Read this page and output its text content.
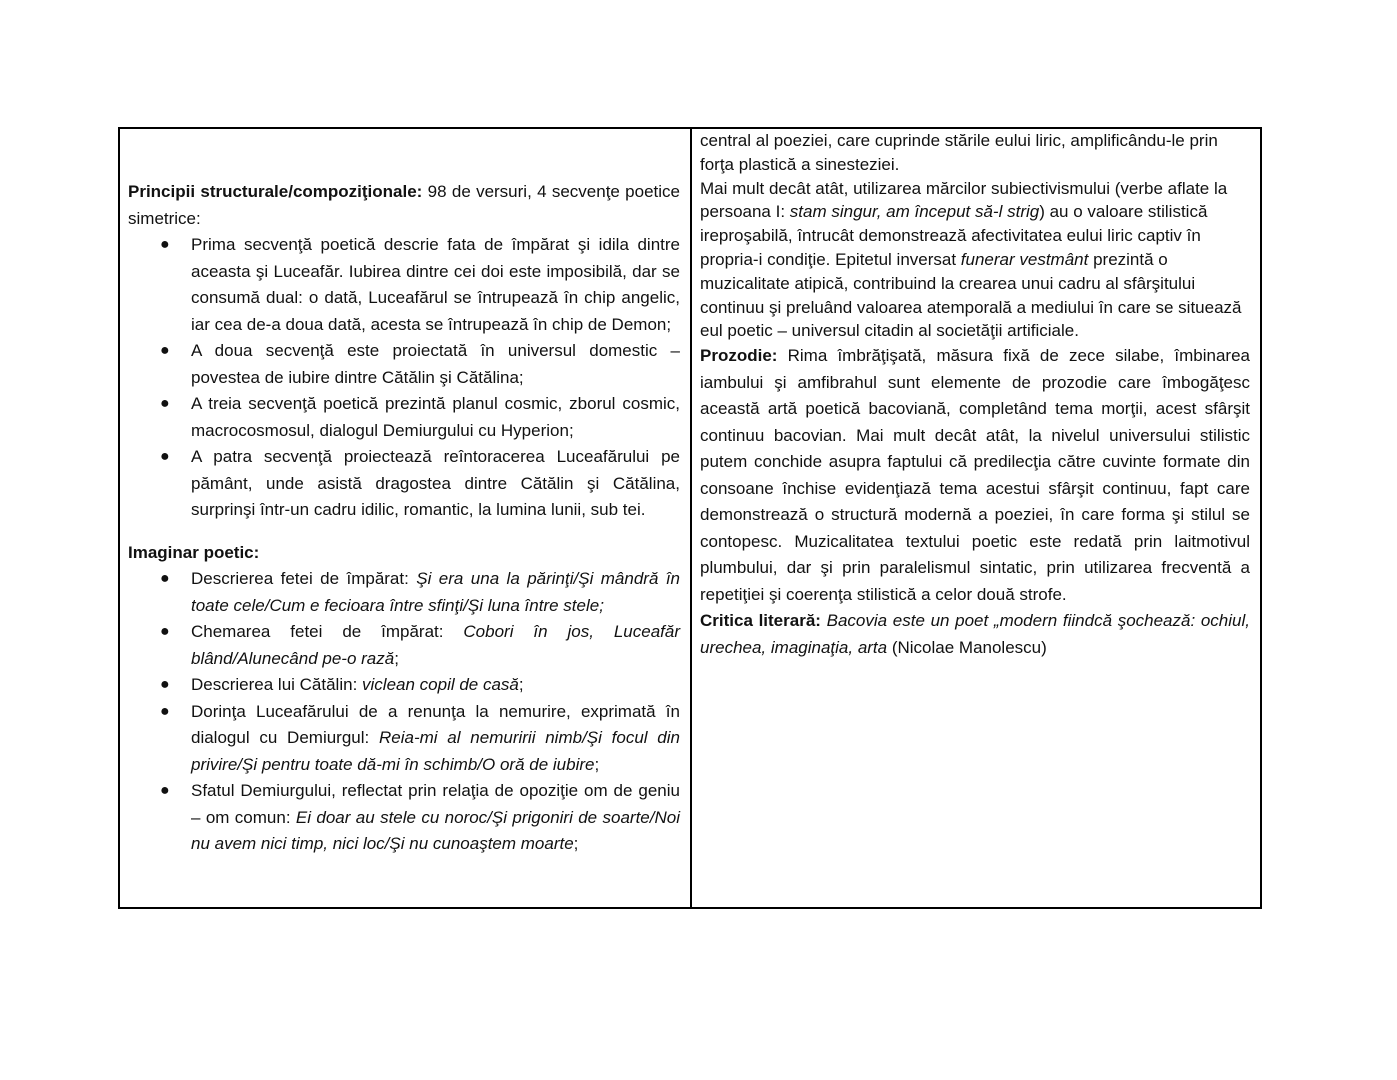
Principii structurale/compoziţionale: 98 de versuri, 4 secvenţe poetice simetrice:

● Prima secvenţă poetică descrie fata de împărat şi idila dintre aceasta şi Luceafăr. Iubirea dintre cei doi este imposibilă, dar se consumă dual: o dată, Luceafărul se întrupează în chip angelic, iar cea de-a doua dată, acesta se întrupează în chip de Demon;
● A doua secvenţă este proiectată în universul domestic – povestea de iubire dintre Cătălin şi Cătălina;
● A treia secvenţă poetică prezintă planul cosmic, zborul cosmic, macrocosmosul, dialogul Demiurgului cu Hyperion;
● A patra secvenţă proiectează reîntoracerea Luceafărului pe pământ, unde asistă dragostea dintre Cătălin şi Cătălina, surprinşi într-un cadru idilic, romantic, la lumina lunii, sub tei.

Imaginar poetic:

● Descrierea fetei de împărat: Şi era una la părinţi/Şi mândră în toate cele/Cum e fecioara între sfinţi/Şi luna între stele;
● Chemarea fetei de împărat: Cobori în jos, Luceafăr blând/Alunecând pe-o rază;
● Descrierea lui Cătălin: viclean copil de casă;
● Dorinţa Luceafărului de a renunţa la nemurire, exprimată în dialogul cu Demiurgul: Reia-mi al nemuririi nimb/Şi focul din privire/Şi pentru toate dă-mi în schimb/O oră de iubire;
● Sfatul Demiurgului, reflectat prin relaţia de opoziţie om de geniu – om comun: Ei doar au stele cu noroc/Şi prigoniri de soarte/Noi nu avem nici timp, nici loc/Şi nu cunoaştem moarte;

central al poeziei, care cuprinde stările eului liric, amplificându-le prin forţa plastică a sinesteziei.

Mai mult decât atât, utilizarea mărcilor subiectivismului (verbe aflate la persoana I: stam singur, am început să-l strig) au o valoare stilistică ireproşabilă, întrucât demonstrează afectivitatea eului liric captiv în propria-i condiţie. Epitetul inversat funerar vestmânt prezintă o muzicalitate atipică, contribuind la crearea unui cadru al sfârşitului continuu şi preluând valoarea atemporală a mediului în care se situează eul poetic – universul citadin al societăţii artificiale.

Prozodie: Rima îmbrăţişată, măsura fixă de zece silabe, îmbinarea iambului şi amfibrahul sunt elemente de prozodie care îmbogăţesc această artă poetică bacoviană, completând tema morţii, acest sfârşit continuu bacovian. Mai mult decât atât, la nivelul universului stilistic putem conchide asupra faptului că predilecţia către cuvinte formate din consoane închise evidenţiază tema acestui sfârşit continuu, fapt care demonstrează o structură modernă a poeziei, în care forma şi stilul se contopesc. Muzicalitatea textului poetic este redată prin laitmotivul plumbului, dar şi prin paralelismul sintatic, prin utilizarea frecventă a repetiţiei şi coerenţa stilistică a celor două strofe.

Critica literară: Bacovia este un poet „modern fiindcă şochează: ochiul, urechea, imaginaţia, arta (Nicolae Manolescu)
